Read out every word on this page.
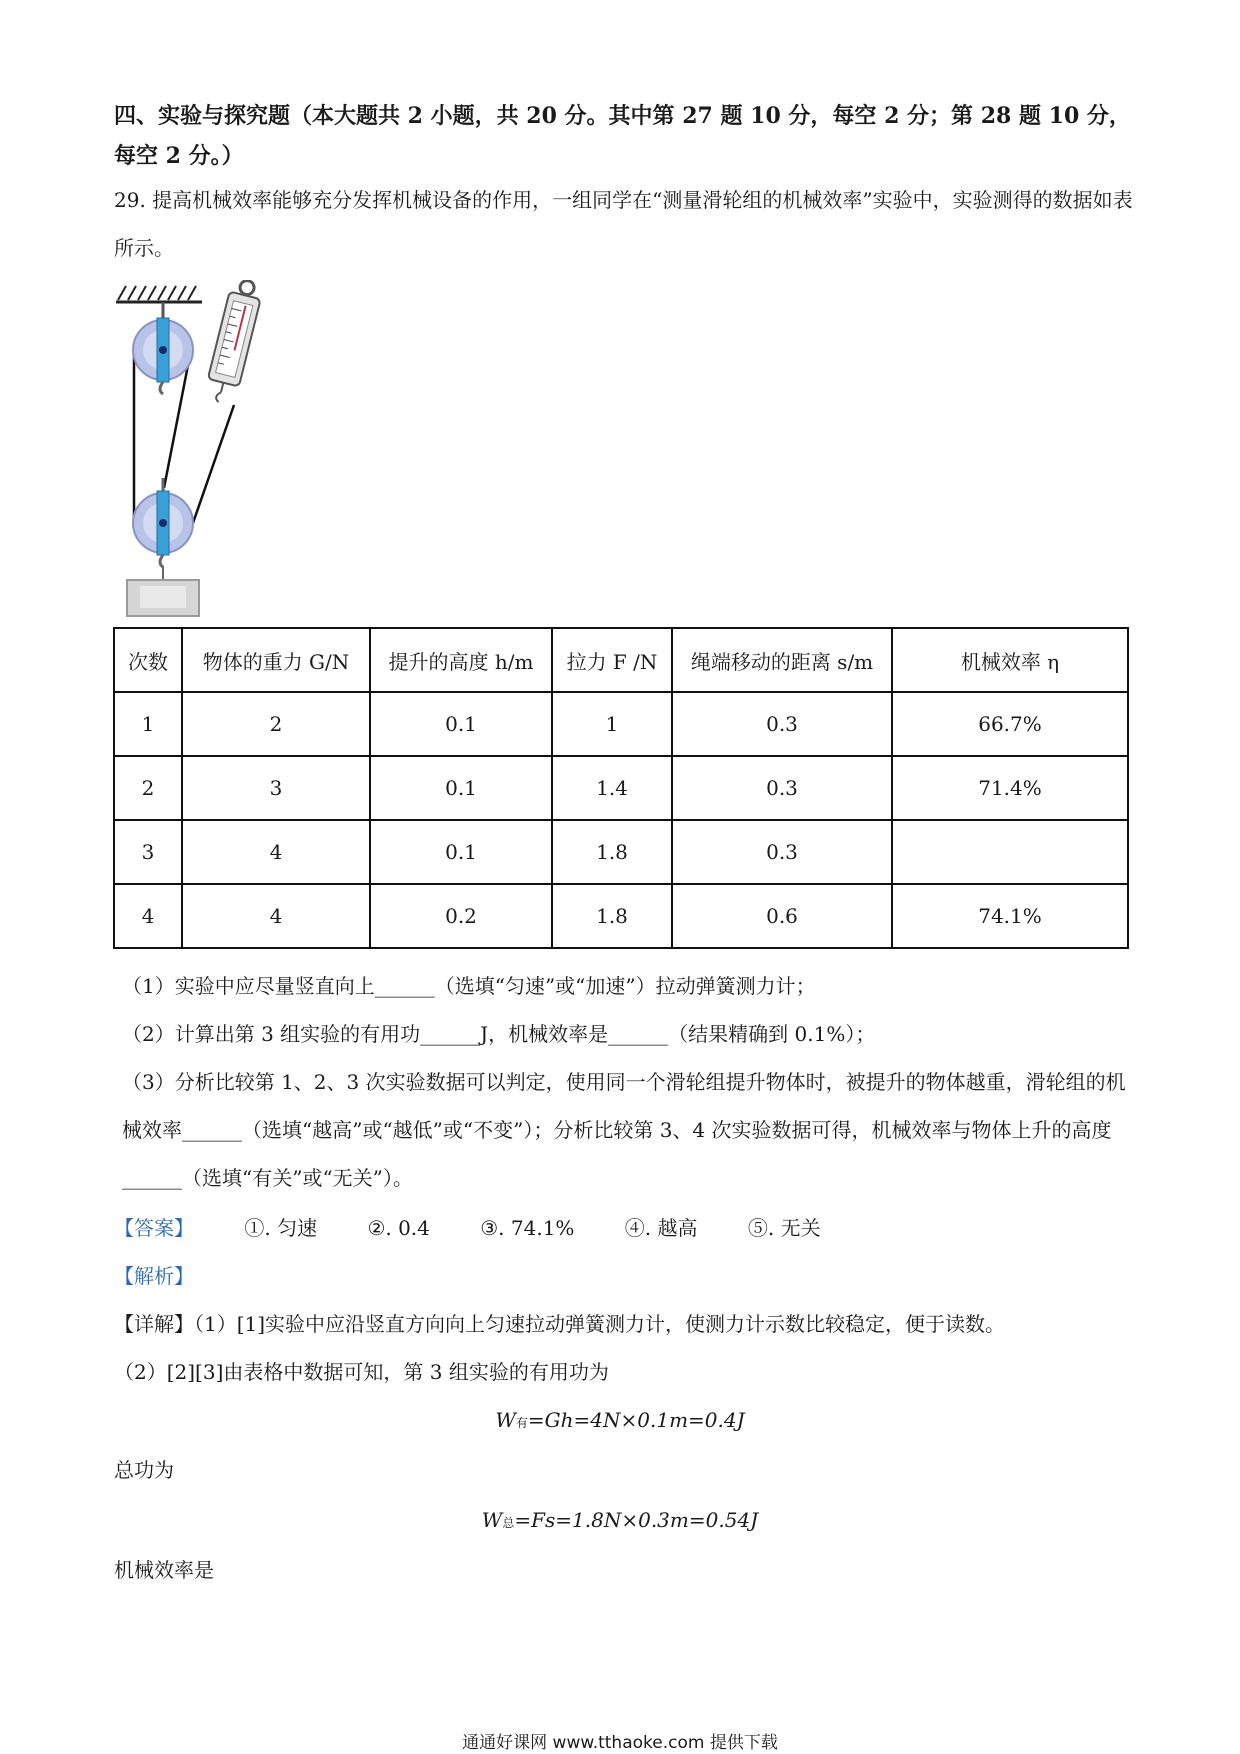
四、实验与探究题（本大题共 2 小题，共 20 分。其中第 27 题 10 分，每空 2 分；第 28 题 10 分，每空 2 分。）
29. 提高机械效率能够充分发挥机械设备的作用，一组同学在“测量滑轮组的机械效率”实验中，实验测得的数据如表所示。
次数	物体的重力 G/N	提升的高度 h/m	拉力 F /N	绳端移动的距离 s/m	机械效率 η
1	2	0.1	1	0.3	66.7%
2	3	0.1	1.4	0.3	71.4%
3	4	0.1	1.8	0.3	
4	4	0.2	1.8	0.6	74.1%
（1）实验中应尽量竖直向上______（选填“匀速”或“加速”）拉动弹簧测力计；
（2）计算出第 3 组实验的有用功______J，机械效率是______（结果精确到 0.1%）；
（3）分析比较第 1、2、3 次实验数据可以判定，使用同一个滑轮组提升物体时，被提升的物体越重，滑轮组的机械效率______（选填“越高”或“越低”或“不变”）；分析比较第 3、4 次实验数据可得，机械效率与物体上升的高度______（选填“有关”或“无关”）。
【答案】	①. 匀速	②. 0.4	③. 74.1%	④. 越高	⑤. 无关
【解析】
【详解】（1）[1]实验中应沿竖直方向向上匀速拉动弹簧测力计，使测力计示数比较稳定，便于读数。
（2）[2][3]由表格中数据可知，第 3 组实验的有用功为
W有=Gh=4N×0.1m=0.4J
总功为
W总=Fs=1.8N×0.3m=0.54J
机械效率是
通通好课网 www.tthaoke.com 提供下载
